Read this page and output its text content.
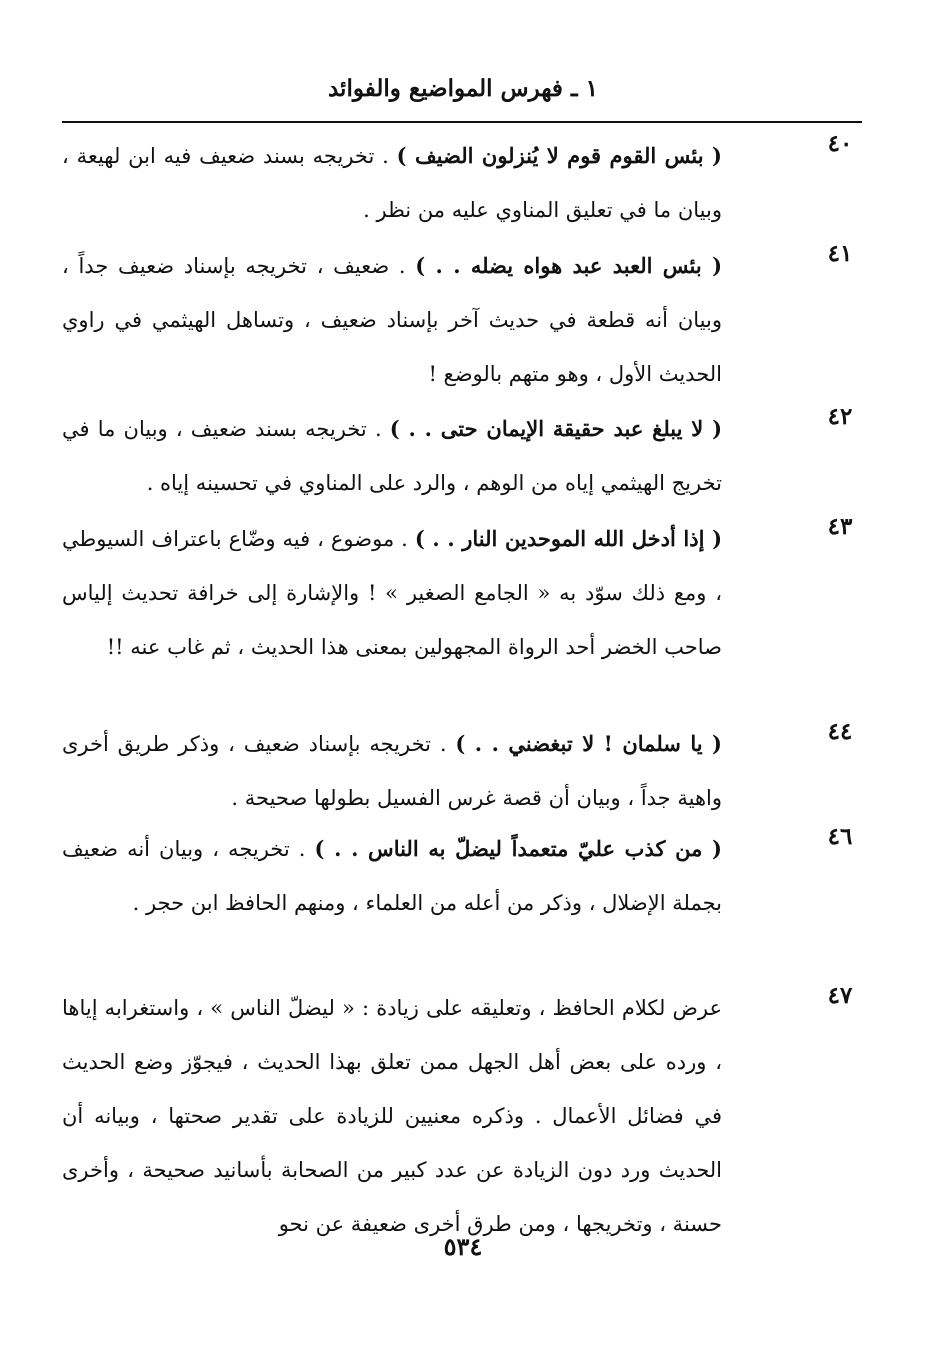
١ ـ فهرس المواضيع والفوائد
٤٠
( بئس القوم قوم لا يُنزلون الضيف ) . تخريجه بسند ضعيف فيه ابن لهيعة ، وبيان ما في تعليق المناوي عليه من نظر .
٤١
( بئس العبد عبد هواه يضله . . ) . ضعيف ، تخريجه بإسناد ضعيف جداً ، وبيان أنه قطعة في حديث آخر بإسناد ضعيف ، وتساهل الهيثمي في راوي الحديث الأول ، وهو متهم بالوضع !
٤٢
( لا يبلغ عبد حقيقة الإيمان حتى . . ) . تخريجه بسند ضعيف ، وبيان ما في تخريج الهيثمي إياه من الوهم ، والرد على المناوي في تحسينه إياه .
٤٣
( إذا أدخل الله الموحدين النار . . ) . موضوع ، فيه وضّاع باعتراف السيوطي ، ومع ذلك سوّد به « الجامع الصغير » ! والإشارة إلى خرافة تحديث إلياس صاحب الخضر أحد الرواة المجهولين بمعنى هذا الحديث ، ثم غاب عنه !!
٤٤
( يا سلمان ! لا تبغضني . . ) . تخريجه بإسناد ضعيف ، وذكر طريق أخرى واهية جداً ، وبيان أن قصة غرس الفسيل بطولها صحيحة .
٤٦
( من كذب عليّ متعمداً ليضلّ به الناس . . ) . تخريجه ، وبيان أنه ضعيف بجملة الإضلال ، وذكر من أعله من العلماء ، ومنهم الحافظ ابن حجر .
٤٧
عرض لكلام الحافظ ، وتعليقه على زيادة : « ليضلّ الناس » ، واستغرابه إياها ، ورده على بعض أهل الجهل ممن تعلق بهذا الحديث ، فيجوّز وضع الحديث في فضائل الأعمال . وذكره معنيين للزيادة على تقدير صحتها ، وبيانه أن الحديث ورد دون الزيادة عن عدد كبير من الصحابة بأسانيد صحيحة ، وأخرى حسنة ، وتخريجها ، ومن طرق أخرى ضعيفة عن نحو
٥٣٤
